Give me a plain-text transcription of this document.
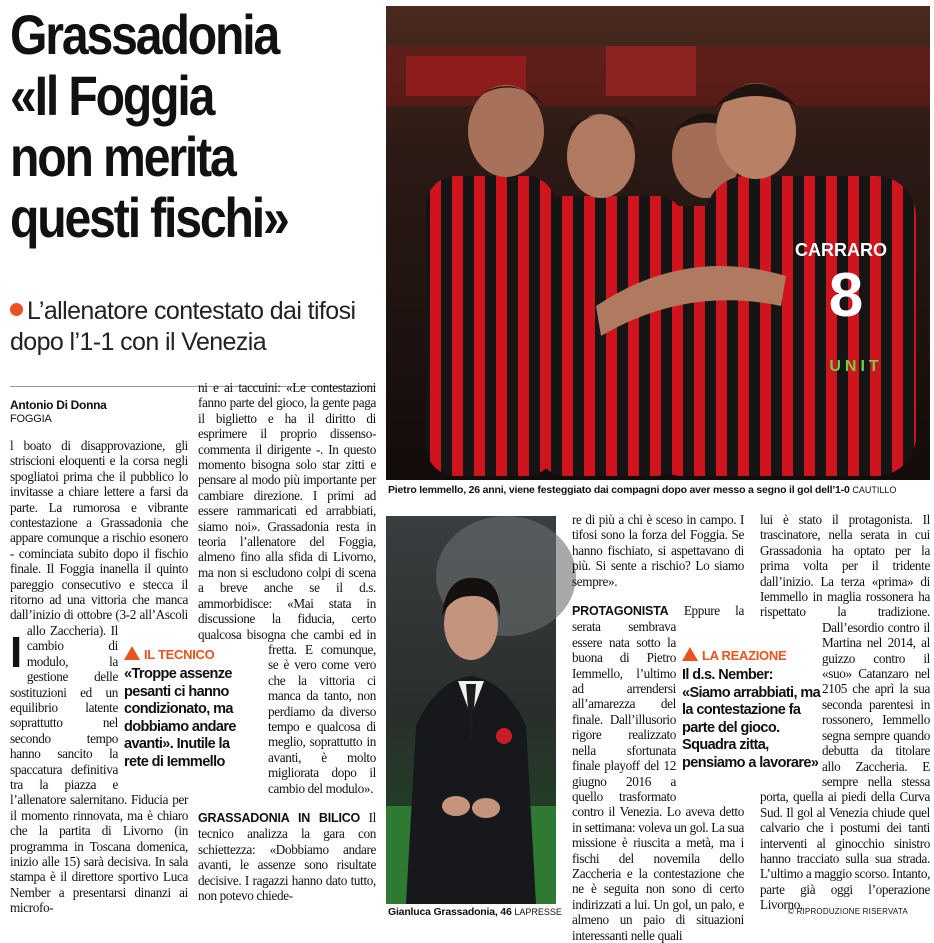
Grassadonia
«Il Foggia
non merita
questi fischi»
L’allenatore contestato dai tifosi dopo l’1-1 con il Venezia
Antonio Di Donna
FOGGIA
I
l boato di disapprovazione, gli striscioni eloquenti e la corsa negli spogliatoi prima che il pubblico lo invitasse a chiare lettere a farsi da parte. La rumorosa e vibrante contestazione a Grassadonia che appare comunque a rischio esonero - cominciata subito dopo il fischio finale. Il Foggia inanella il quinto pareggio consecutivo e stecca il ritorno ad una vittoria che manca dall’inizio di ottobre (3-2 all’Ascoli allo Zaccheria). Il cambio di modulo, la gestione delle sostituzioni ed un equilibrio latente soprattutto nel secondo tempo hanno sancito la spaccatura definitiva tra la piazza e l’allenatore salernitano. Fiducia per il momento rinnovata, ma è chiaro che la partita di Livorno (in programma in Toscana domenica, inizio alle 15) sarà decisiva. In sala stampa è il direttore sportivo Luca Nember a presentarsi dinanzi ai microfo-
IL TECNICO
«Troppe assenze pesanti ci hanno condizionato, ma dobbiamo andare avanti». Inutile la rete di Iemmello

ni e ai taccuini: «Le contestazioni fanno parte del gioco, la gente paga il biglietto e ha il diritto di esprimere il proprio dissenso- commenta il dirigente -. In questo momento bisogna solo star zitti e pensare al modo più importante per cambiare direzione. I primi ad essere rammaricati ed arrabbiati, siamo noi». Grassadonia resta in teoria l’allenatore del Foggia, almeno fino alla sfida di Livorno, ma non si escludono colpi di scena a breve anche se il d.s. ammorbidisce: «Mai stata in discussione la fiducia, certo qualcosa bisogna che cambi ed in fretta. E comunque, se è vero come vero che la vittoria ci manca da tanto, non perdiamo da diverso tempo e qualcosa di meglio, soprattutto in avanti, è molto migliorata dopo il cambio del modulo».

GRASSADONIA IN BILICO Il tecnico analizza la gara con schiettezza: «Dobbiamo andare avanti, le assenze sono risultate decisive. I ragazzi hanno dato tutto, non potevo chiede-

CARRARO
8
UNIT
Pietro Iemmello, 26 anni, viene festeggiato dai compagni dopo aver messo a segno il gol dell’1-0 CAUTILLO
Gianluca Grassadonia, 46 LAPRESSE

re di più a chi è sceso in campo. I tifosi sono la forza del Foggia. Se hanno fischiato, si aspettavano di più. Si sente a rischio? Lo siamo sempre».

PROTAGONISTA Eppure la serata sembrava essere nata sotto la buona di Pietro Iemmello, l’ultimo ad arrendersi all’amarezza del finale. Dall’illusorio rigore realizzato nella sfortunata finale playoff del 12 giugno 2016 a quello trasformato contro il Venezia. Lo aveva detto in settimana: voleva un gol. La sua missione è riuscita a metà, ma i fischi del novemila dello Zaccheria e la contestazione che ne è seguita non sono di certo indirizzati a lui. Un gol, un palo, e almeno un paio di situazioni interessanti nelle quali

LA REAZIONE
Il d.s. Nember: «Siamo arrabbiati, ma la contestazione fa parte del gioco. Squadra zitta, pensiamo a lavorare»
lui è stato il protagonista. Il trascinatore, nella serata in cui Grassadonia ha optato per la prima volta per il tridente dall’inizio. La terza «prima» di Iemmello in maglia rossonera ha rispettato la tradizione. Dall’esordio contro il Martina nel 2014, al guizzo contro il «suo» Catanzaro nel 2105 che aprì la sua seconda parentesi in rossonero, Iemmello segna sempre quando debutta da titolare allo Zaccheria. E sempre nella stessa porta, quella ai piedi della Curva Sud. Il gol al Venezia chiude quel calvario che i postumi dei tanti interventi al ginocchio sinistro hanno tracciato sulla sua strada. L’ultimo a maggio scorso. Intanto, parte già oggi l’operazione Livorno.
© RIPRODUZIONE RISERVATA
